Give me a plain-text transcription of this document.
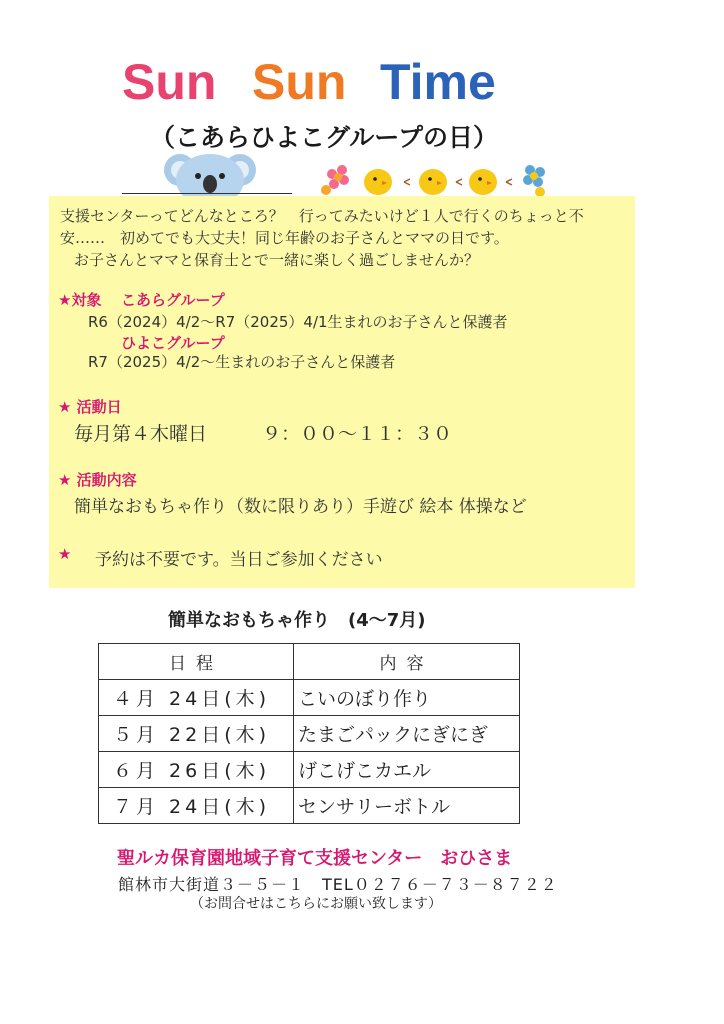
Sun Sun Time
（こあらひよこグループの日）
支援センターってどんなところ？　行ってみたいけど１人で行くのちょっと不
安……　初めてでも大丈夫！同じ年齢のお子さんとママの日です。
お子さんとママと保育士とで一緒に楽しく過ごしませんか？
★対象 こあらグループ
R6（2024）4/2～R7（2025）4/1生まれのお子さんと保護者
ひよこグループ
R7（2025）4/2～生まれのお子さんと保護者
★ 活動日
毎月第４木曜日	９：００～１１：３０
★ 活動内容
簡単なおもちゃ作り（数に限りあり）手遊び 絵本 体操など
★ 予約は不要です。当日ご参加ください
簡単なおもちゃ作り　(4～7月)
日程	内容
４月 24日(木)	こいのぼり作り
５月 22日(木)	たまごパックにぎにぎ
６月 26日(木)	げこげこカエル
７月 24日(木)	センサリーボトル
聖ルカ保育園地域子育て支援センター　おひさま
館林市大街道３－５－１　TEL０２７６－７３－８７２２
（お問合せはこちらにお願い致します）
